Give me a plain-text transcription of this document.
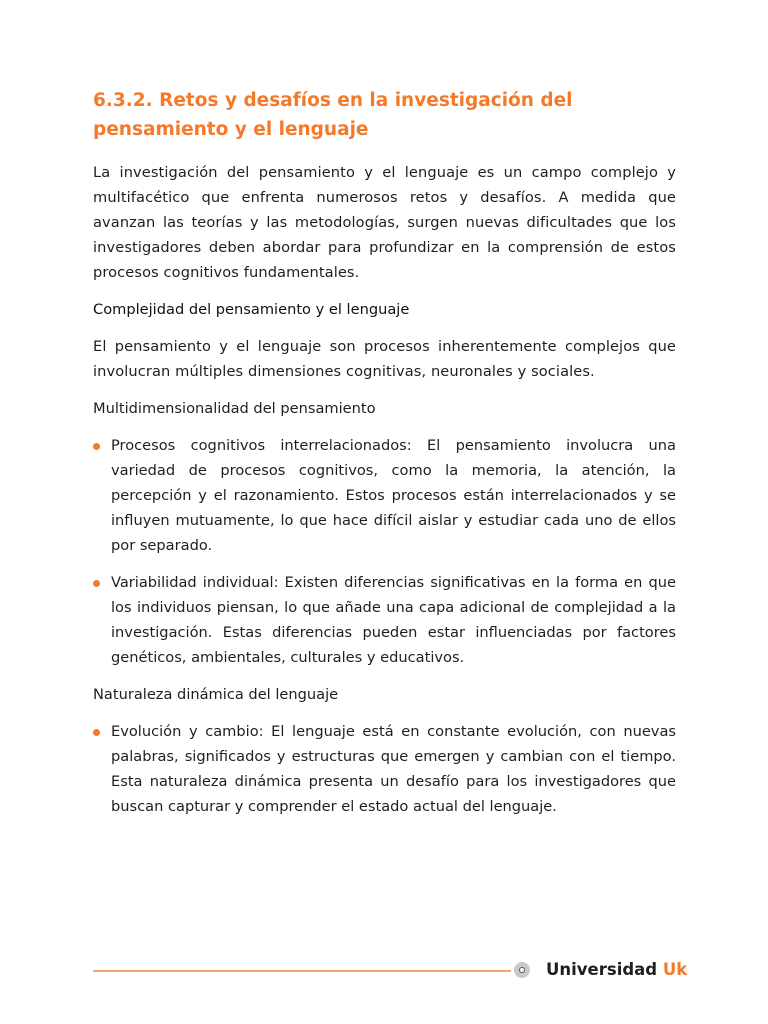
6.3.2. Retos y desafíos en la investigación del pensamiento y el lenguaje

La investigación del pensamiento y el lenguaje es un campo complejo y multifacético que enfrenta numerosos retos y desafíos. A medida que avanzan las teorías y las metodologías, surgen nuevas dificultades que los investigadores deben abordar para profundizar en la comprensión de estos procesos cognitivos fundamentales.

Complejidad del pensamiento y el lenguaje

El pensamiento y el lenguaje son procesos inherentemente complejos que involucran múltiples dimensiones cognitivas, neuronales y sociales.

Multidimensionalidad del pensamiento
Procesos cognitivos interrelacionados: El pensamiento involucra una variedad de procesos cognitivos, como la memoria, la atención, la percepción y el razonamiento. Estos procesos están interrelacionados y se influyen mutuamente, lo que hace difícil aislar y estudiar cada uno de ellos por separado.
Variabilidad individual: Existen diferencias significativas en la forma en que los individuos piensan, lo que añade una capa adicional de complejidad a la investigación. Estas diferencias pueden estar influenciadas por factores genéticos, ambientales, culturales y educativos.
Naturaleza dinámica del lenguaje
Evolución y cambio: El lenguaje está en constante evolución, con nuevas palabras, significados y estructuras que emergen y cambian con el tiempo. Esta naturaleza dinámica presenta un desafío para los investigadores que buscan capturar y comprender el estado actual del lenguaje.
Universidad Uk
